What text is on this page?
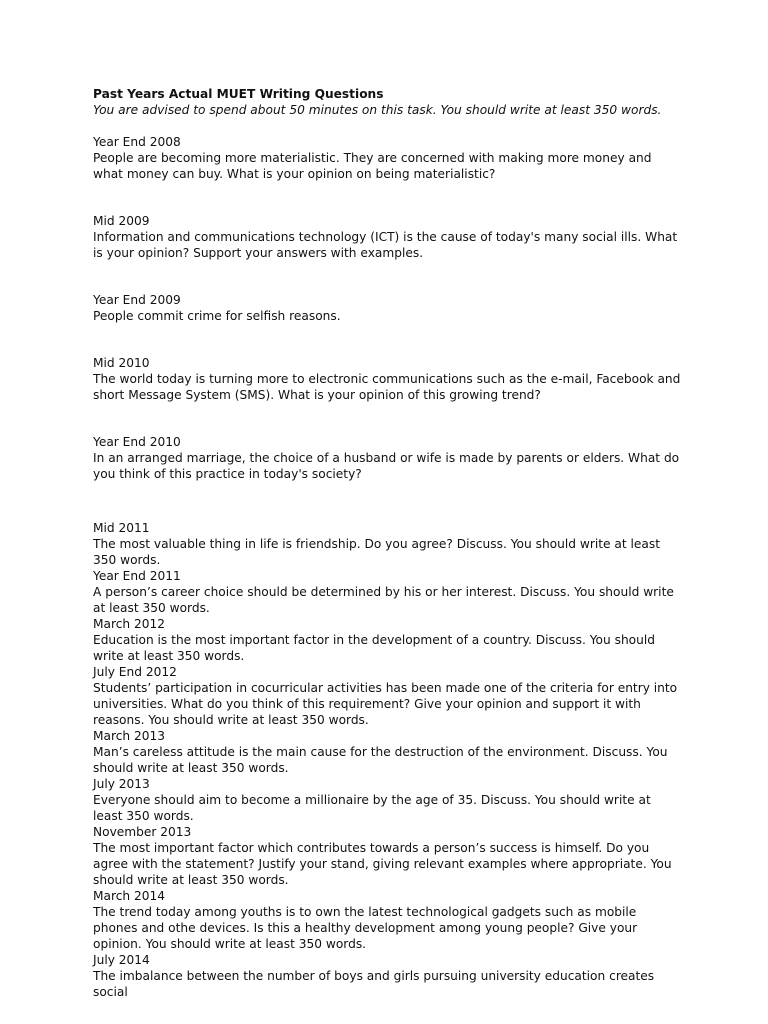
Past Years Actual MUET Writing Questions

You are advised to spend about 50 minutes on this task. You should write at least 350 words.

Year End 2008
People are becoming more materialistic. They are concerned with making more money and what money can buy. What is your opinion on being materialistic?
Mid 2009
Information and communications technology (ICT) is the cause of today's many social ills. What is your opinion? Support your answers with examples.
Year End 2009
People commit crime for selfish reasons.
Mid 2010
The world today is turning more to electronic communications such as the e-mail, Facebook and short Message System (SMS). What is your opinion of this growing trend?
Year End 2010
In an arranged marriage, the choice of a husband or wife is made by parents or elders. What do you think of this practice in today's society?
Mid 2011
The most valuable thing in life is friendship. Do you agree? Discuss. You should write at least 350 words.
Year End 2011
A person’s career choice should be determined by his or her interest. Discuss. You should write at least 350 words.
March 2012
Education is the most important factor in the development of a country. Discuss. You should write at least 350 words.
July End 2012
Students’ participation in cocurricular activities has been made one of the criteria for entry into universities. What do you think of this requirement? Give your opinion and support it with reasons. You should write at least 350 words.
March 2013
Man’s careless attitude is the main cause for the destruction of the environment. Discuss. You should write at least 350 words.
July 2013
Everyone should aim to become a millionaire by the age of 35. Discuss. You should write at least 350 words.
November 2013
The most important factor which contributes towards a person’s success is himself. Do you agree with the statement? Justify your stand, giving relevant examples where appropriate. You should write at least 350 words.
March 2014
The trend today among youths is to own the latest technological gadgets such as mobile phones and othe devices. Is this a healthy development among young people? Give your opinion. You should write at least 350 words.
July 2014
The imbalance between the number of boys and girls pursuing university education creates social
